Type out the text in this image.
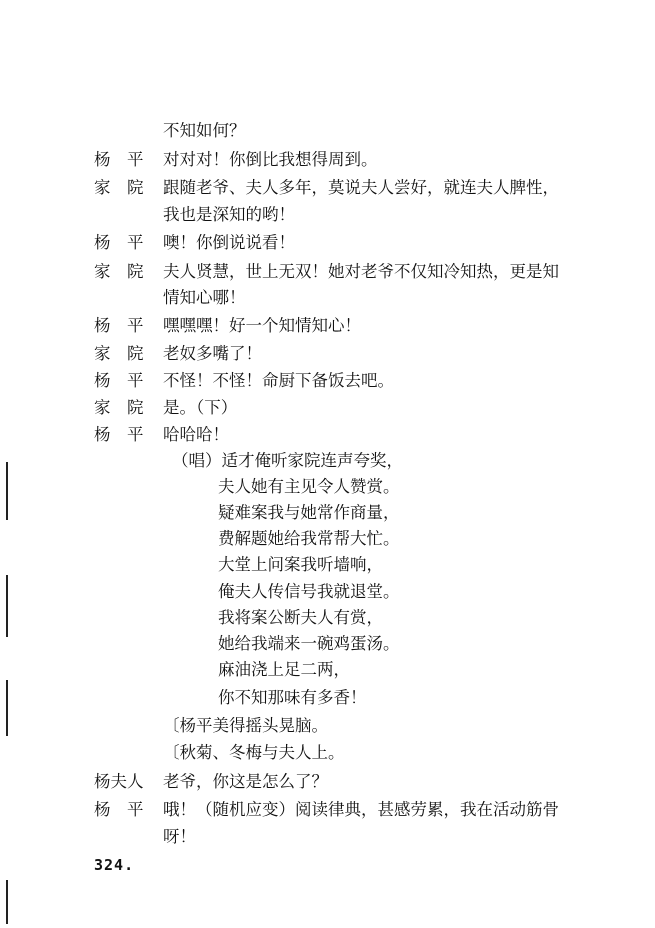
不知如何？
杨　平 对对对！你倒比我想得周到。
家　院 跟随老爷、夫人多年，莫说夫人尝好，就连夫人脾性，
我也是深知的哟！
杨　平 噢！你倒说说看！
家　院 夫人贤慧，世上无双！她对老爷不仅知冷知热，更是知
情知心哪！
杨　平 嘿嘿嘿！好一个知情知心！
家　院 老奴多嘴了！
杨　平 不怪！不怪！命厨下备饭去吧。
家　院 是。（下）
杨　平 哈哈哈！
（唱）适才俺听家院连声夸奖，
夫人她有主见令人赞赏。
疑难案我与她常作商量，
费解题她给我常帮大忙。
大堂上问案我听墙响，
俺夫人传信号我就退堂。
我将案公断夫人有赏，
她给我端来一碗鸡蛋汤。
麻油浇上足二两，
你不知那味有多香！
〔杨平美得摇头晃脑。
〔秋菊、冬梅与夫人上。
杨夫人 老爷，你这是怎么了？
杨　平 哦！（随机应变）阅读律典，甚感劳累，我在活动筋骨
呀！
324.
